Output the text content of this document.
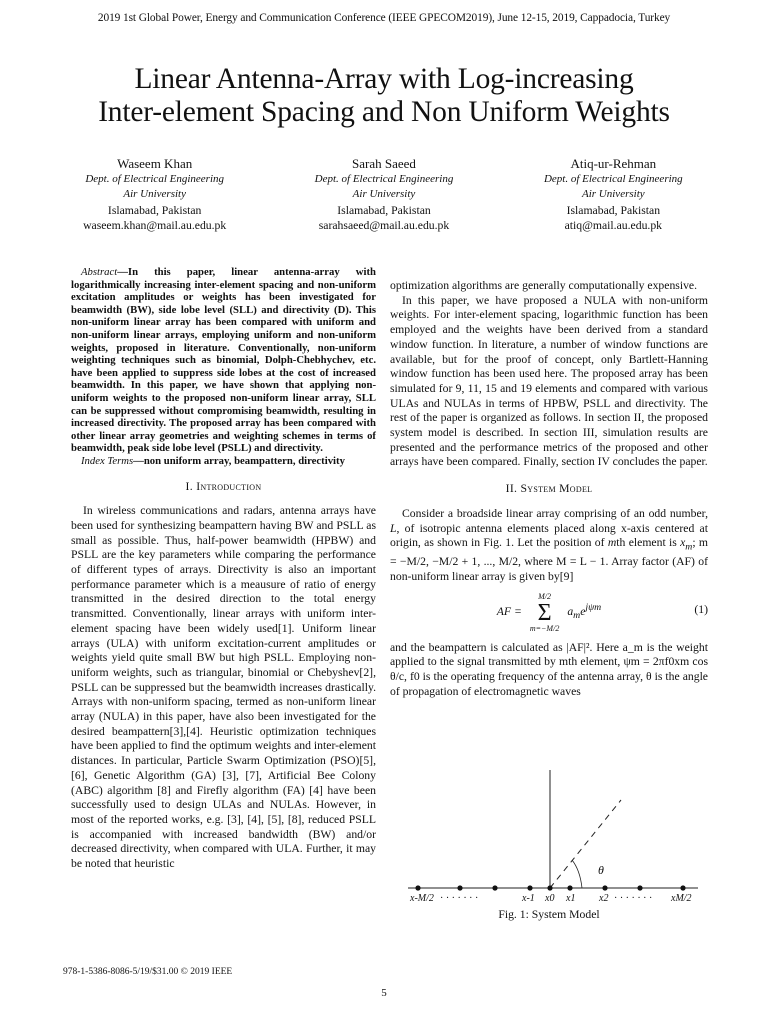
2019 1st Global Power, Energy and Communication Conference (IEEE GPECOM2019), June 12-15, 2019, Cappadocia, Turkey
Linear Antenna-Array with Log-increasing
Inter-element Spacing and Non Uniform Weights
Waseem Khan
Dept. of Electrical Engineering
Air University
Islamabad, Pakistan
waseem.khan@mail.au.edu.pk
Sarah Saeed
Dept. of Electrical Engineering
Air University
Islamabad, Pakistan
sarahsaeed@mail.au.edu.pk
Atiq-ur-Rehman
Dept. of Electrical Engineering
Air University
Islamabad, Pakistan
atiq@mail.au.edu.pk

Abstract—In this paper, linear antenna-array with logarithmically increasing inter-element spacing and non-uniform excitation amplitudes or weights has been investigated for beamwidth (BW), side lobe level (SLL) and directivity (D). This non-uniform linear array has been compared with uniform and non-uniform linear arrays, employing uniform and non-uniform weights, proposed in literature. Conventionally, non-uniform weighting techniques such as binomial, Dolph-Chebhychev, etc. have been applied to suppress side lobes at the cost of increased beamwidth. In this paper, we have shown that applying non-uniform weights to the proposed non-uniform linear array, SLL can be suppressed without compromising beamwidth, resulting in increased directivity. The proposed array has been compared with other linear array geometries and weighting schemes in terms of beamwidth, peak side lobe level (PSLL) and directivity.

Index Terms—non uniform array, beampattern, directivity

I. Introduction

In wireless communications and radars, antenna arrays have been used for synthesizing beampattern having BW and PSLL as small as possible. Thus, half-power beamwidth (HPBW) and PSLL are the key parameters while comparing the performance of different types of arrays. Directivity is also an important performance parameter which is a meausure of ratio of energy transmitted in the desired direction to the total energy transmitted. Conventionally, linear arrays with uniform inter-element spacing have been widely used[1]. Uniform linear arrays (ULA) with uniform excitation-current amplitudes or weights yield quite small BW but high PSLL. Employing non-uniform weights, such as triangular, binomial or Chebyshev[2], PSLL can be suppressed but the beamwidth increases drastically. Arrays with non-uniform spacing, termed as non-uniform linear array (NULA) in this paper, have also been investigated for the desired beampattern[3],[4]. Heuristic optimization techniques have been applied to find the optimum weights and inter-element distances. In particular, Particle Swarm Optimization (PSO)[5], [6], Genetic Algorithm (GA) [3], [7], Artificial Bee Colony (ABC) algorithm [8] and Firefly algorithm (FA) [4] have been successfully used to design ULAs and NULAs. However, in most of the reported works, e.g. [3], [4], [5], [8], reduced PSLL is accompanied with increased bandwidth (BW) and/or decreased directivity, when compared with ULA. Further, it may be noted that heuristic

optimization algorithms are generally computationally expensive.

In this paper, we have proposed a NULA with non-uniform weights. For inter-element spacing, logarithmic function has been employed and the weights have been derived from a standard window function. In literature, a number of window functions are available, but for the proof of concept, only Bartlett-Hanning window function has been used here. The proposed array has been simulated for 9, 11, 15 and 19 elements and compared with various ULAs and NULAs in terms of HPBW, PSLL and directivity. The rest of the paper is organized as follows. In section II, the proposed system model is described. In section III, simulation results are presented and the performance metrics of the proposed and other arrays have been compared. Finally, section IV concludes the paper.

II. System Model

Consider a broadside linear array comprising of an odd number, L, of isotropic antenna elements placed along x-axis centered at origin, as shown in Fig. 1. Let the position of mth element is $x_m$; m = −M/2, −M/2 + 1, ..., M/2, where M = L − 1. Array factor (AF) of non-uniform linear array is given by[9]

AF =
M/2
Σ
m=−M/2
$a_me^{j\psi m}$	(1)

and the beampattern is calculated as |AF|². Here a_m is the weight applied to the signal transmitted by mth element, ψm = 2πf0xm cos θ/c, f0 is the operating frequency of the antenna array, θ is the angle of propagation of electromagnetic waves

x-M/2 · · · · · · ·	x-1 x0 x1 x2 · · · · · · · xM/2
θ
Fig. 1: System Model
978-1-5386-8086-5/19/$31.00 © 2019 IEEE
5
